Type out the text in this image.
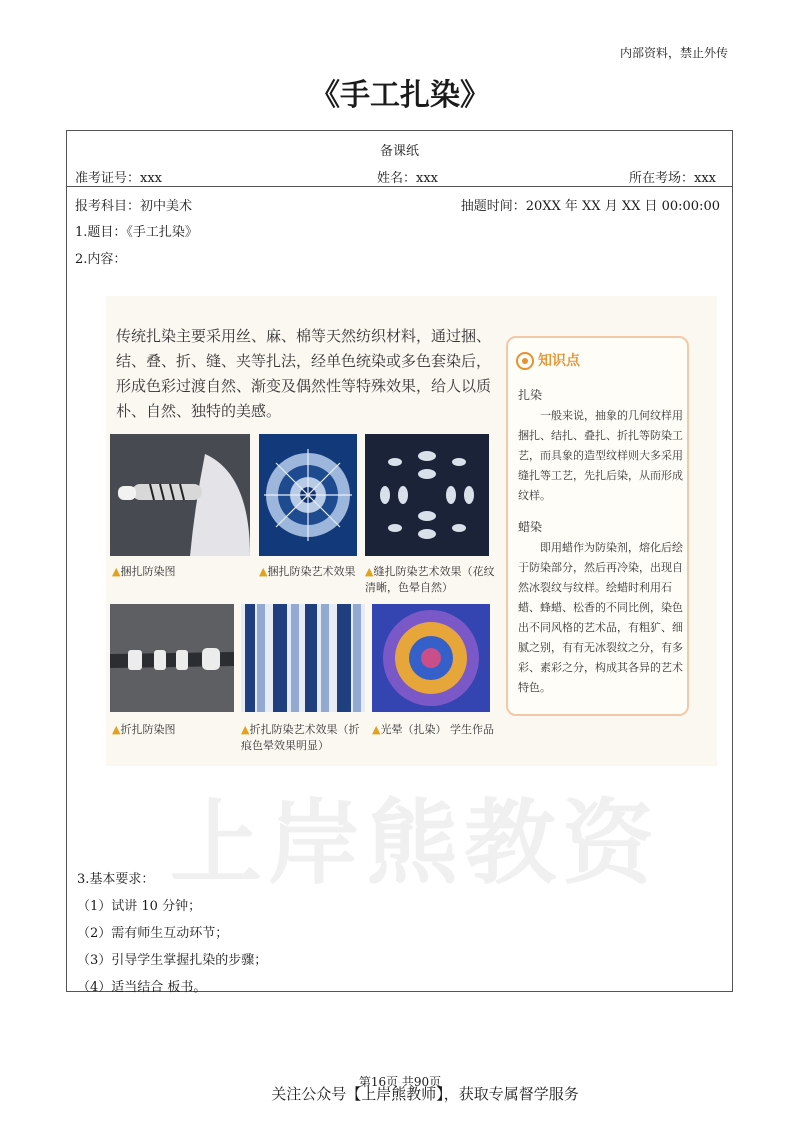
内部资料，禁止外传
《手工扎染》
上岸熊教资
备课纸
准考证号：xxx	姓名：xxx	所在考场：xxx
报考科目：初中美术	抽题时间：20XX 年 XX 月 XX 日 00:00:00
1.题目：《手工扎染》
2.内容：
3.基本要求：
（1）试讲 10 分钟；
（2）需有师生互动环节；
（3）引导学生掌握扎染的步骤；
（4）适当结合 板书。
传统扎染主要采用丝、麻、棉等天然纺织材料，通过捆、结、叠、折、缝、夹等扎法，经单色统染或多色套染后，形成色彩过渡自然、渐变及偶然性等特殊效果，给人以质朴、自然、独特的美感。
▲捆扎防染图	▲捆扎防染艺术效果 ▲缝扎防染艺术效果（花纹清晰，色晕自然）
▲折扎防染图	▲折扎防染艺术效果（折痕色晕效果明显）
▲光晕（扎染） 学生作品
知识点
扎染
一般来说，抽象的几何纹样用捆扎、结扎、叠扎、折扎等防染工艺，而具象的造型纹样则大多采用缝扎等工艺，先扎后染，从而形成纹样。
蜡染
即用蜡作为防染剂，熔化后绘于防染部分，然后再冷染，出现自然冰裂纹与纹样。绘蜡时利用石蜡、蜂蜡、松香的不同比例，染色出不同风格的艺术品，有粗犷、细腻之别，有有无冰裂纹之分，有多彩、素彩之分，构成其各异的艺术特色。
第16页 共90页
关注公众号【上岸熊教师】，获取专属督学服务
